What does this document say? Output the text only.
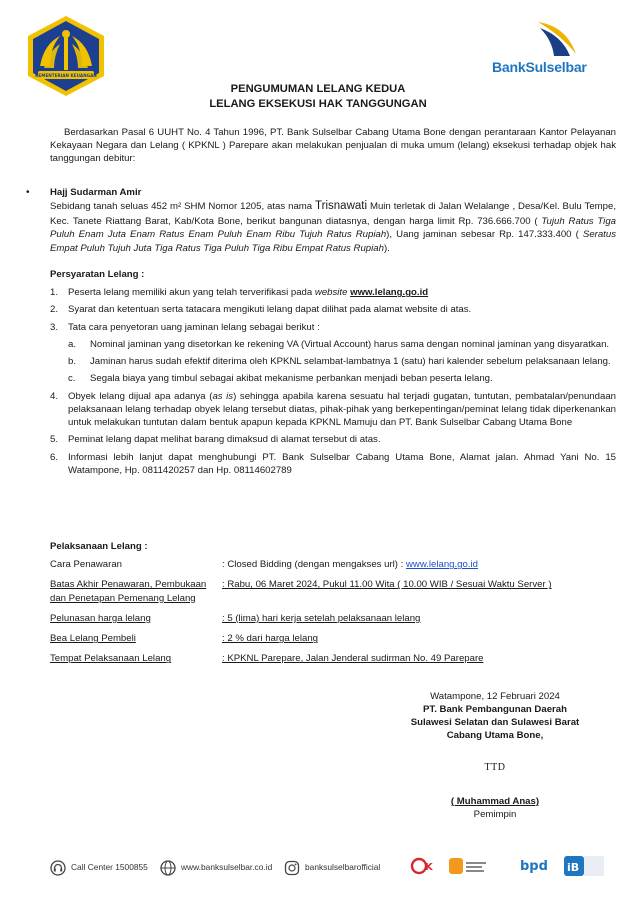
KEMENTERIAN KEUANGAN
BankSulselbar
PENGUMUMAN LELANG KEDUA
LELANG EKSEKUSI HAK TANGGUNGAN

Berdasarkan Pasal 6 UUHT No. 4 Tahun 1996, PT. Bank Sulselbar Cabang Utama Bone dengan perantaraan Kantor Pelayanan Kekayaan Negara dan Lelang ( KPKNL ) Parepare akan melakukan penjualan di muka umum (lelang) eksekusi terhadap objek hak tanggungan debitur:

• Hajj Sudarman Amir
Sebidang tanah seluas 452 m² SHM Nomor 1205, atas nama Trisnawati Muin terletak di Jalan Welalange , Desa/Kel. Bulu Tempe, Kec. Tanete Riattang Barat, Kab/Kota Bone, berikut bangunan diatasnya, dengan harga limit Rp. 736.666.700 ( Tujuh Ratus Tiga Puluh Enam Juta Enam Ratus Enam Puluh Enam Ribu Tujuh Ratus Rupiah), Uang jaminan sebesar Rp. 147.333.400 ( Seratus Empat Puluh Tujuh Juta Tiga Ratus Tiga Puluh Tiga Ribu Empat Ratus Rupiah).
Persyaratan Lelang :
1. Peserta lelang memiliki akun yang telah terverifikasi pada website www.lelang.go.id
2. Syarat dan ketentuan serta tatacara mengikuti lelang dapat dilihat pada alamat website di atas.
3. Tata cara penyetoran uang jaminan lelang sebagai berikut :
a. Nominal jaminan yang disetorkan ke rekening VA (Virtual Account) harus sama dengan nominal jaminan yang disyaratkan.
b. Jaminan harus sudah efektif diterima oleh KPKNL selambat-lambatnya 1 (satu) hari kalender sebelum pelaksanaan lelang.
c. Segala biaya yang timbul sebagai akibat mekanisme perbankan menjadi beban peserta lelang.
4. Obyek lelang dijual apa adanya (as is) sehingga apabila karena sesuatu hal terjadi gugatan, tuntutan, pembatalan/penundaan pelaksanaan lelang terhadap obyek lelang tersebut diatas, pihak-pihak yang berkepentingan/peminat lelang tidak diperkenankan untuk melakukan tuntutan dalam bentuk apapun kepada KPKNL Mamuju dan PT. Bank Sulselbar Cabang Utama Bone
5. Peminat lelang dapat melihat barang dimaksud di alamat tersebut di atas.
6. Informasi lebih lanjut dapat menghubungi PT. Bank Sulselbar Cabang Utama Bone, Alamat jalan. Ahmad Yani No. 15 Watampone, Hp. 0811420257 dan Hp. 08114602789
Pelaksanaan Lelang :
Cara Penawaran	: Closed Bidding (dengan mengakses url) : www.lelang.go.id
Batas Akhir Penawaran, Pembukaan dan Penetapan Pemenang Lelang	: Rabu, 06 Maret 2024, Pukul 11.00 Wita ( 10.00 WIB / Sesuai Waktu Server )
Pelunasan harga lelang	: 5 (lima) hari kerja setelah pelaksanaan lelang
Bea Lelang Pembeli	: 2 % dari harga lelang
Tempat Pelaksanaan Lelang	: KPKNL Parepare, Jalan Jenderal sudirman No. 49 Parepare
Watampone, 12 Februari 2024
PT. Bank Pembangunan Daerah
Sulawesi Selatan dan Sulawesi Barat
Cabang Utama Bone,
TTD
( Muhammad Anas)
Pemimpin
Call Center 1500855	www.banksulselbar.co.id	banksulselbarofficial	K	bpd iB
